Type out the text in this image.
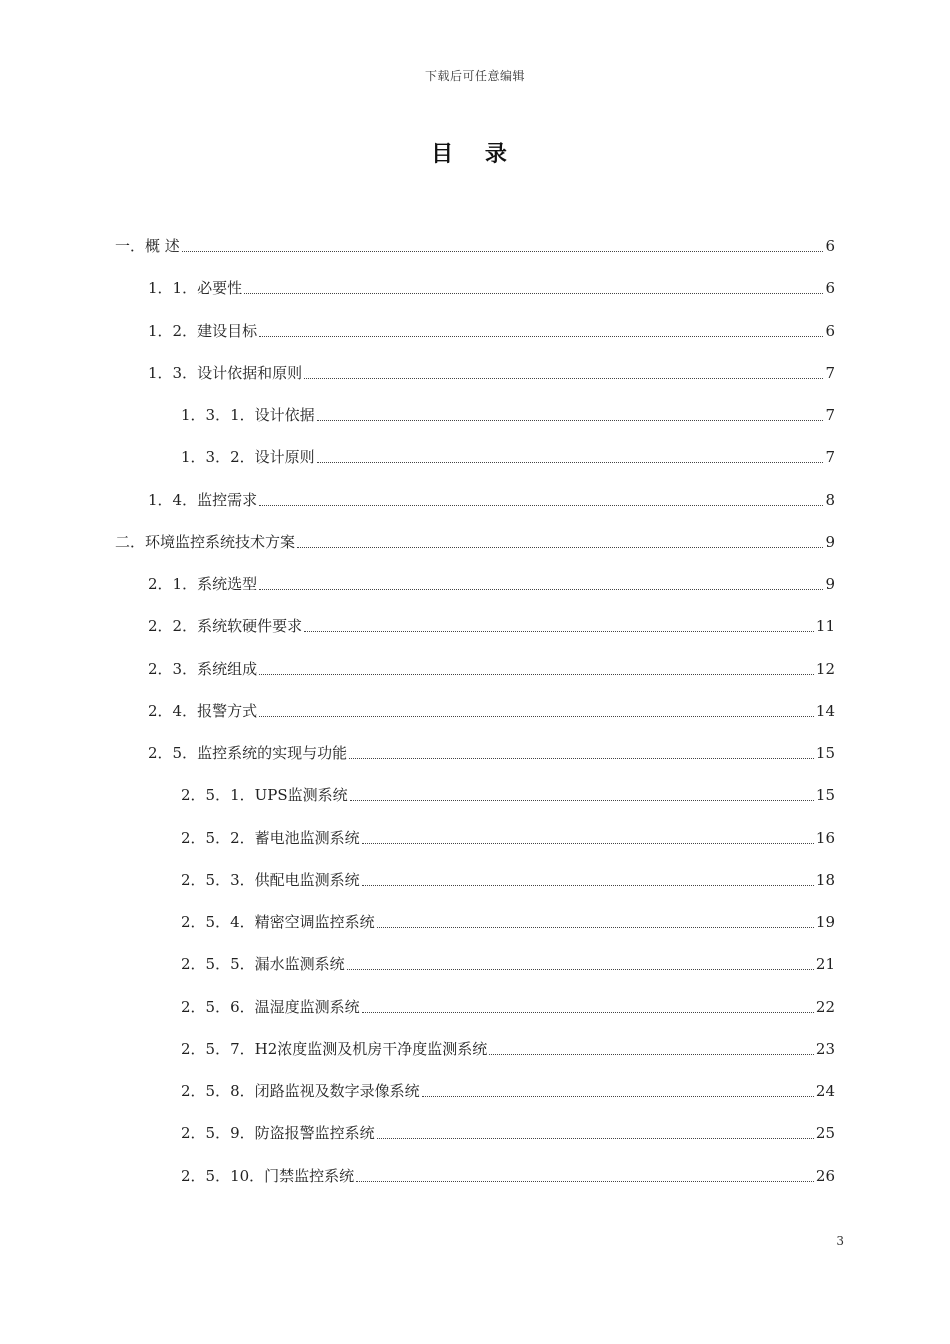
下载后可任意编辑
目 录
一．概 述	6
1．1．必要性	6
1．2．建设目标	6
1．3．设计依据和原则	7
1．3．1．设计依据	7
1．3．2．设计原则	7
1．4．监控需求	8
二．环境监控系统技术方案	9
2．1．系统选型	9
2．2．系统软硬件要求	11
2．3．系统组成	12
2．4．报警方式	14
2．5．监控系统的实现与功能	15
2．5．1．UPS监测系统	15
2．5．2．蓄电池监测系统	16
2．5．3．供配电监测系统	18
2．5．4．精密空调监控系统	19
2．5．5．漏水监测系统	21
2．5．6．温湿度监测系统	22
2．5．7．H2浓度监测及机房干净度监测系统	23
2．5．8．闭路监视及数字录像系统	24
2．5．9．防盗报警监控系统	25
2．5．10．门禁监控系统	26
3
